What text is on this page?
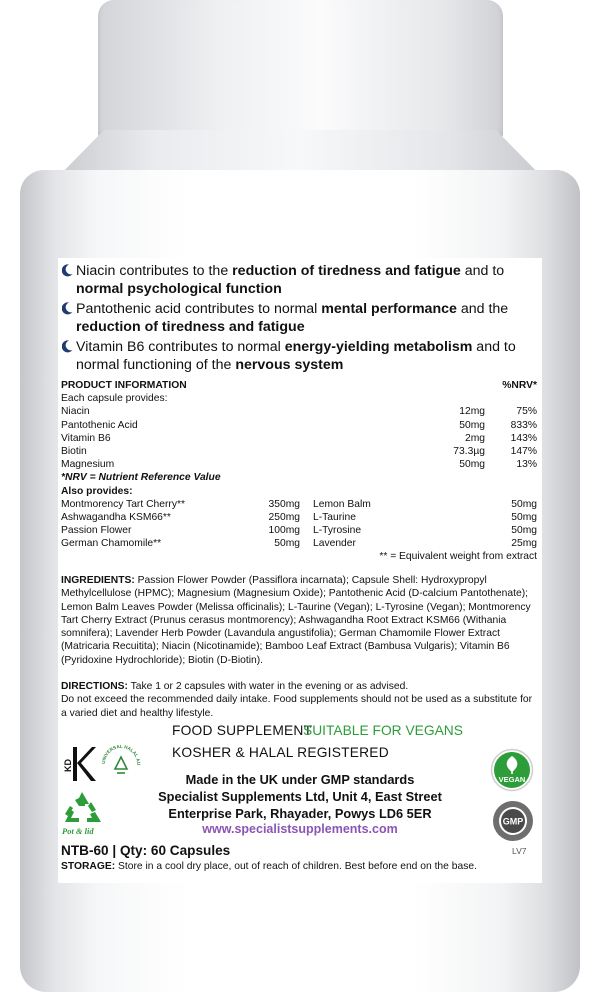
Niacin contributes to the reduction of tiredness and fatigue and to normal psychological function
Pantothenic acid contributes to normal mental performance and the reduction of tiredness and fatigue
Vitamin B6 contributes to normal energy-yielding metabolism and to normal functioning of the nervous system
PRODUCT INFORMATION	%NRV*
Each capsule provides:
Niacin	12mg	75%
Pantothenic Acid	50mg 833%
Vitamin B6	2mg 143%
Biotin	73.3µg 147%
Magnesium	50mg	13%
*NRV = Nutrient Reference Value
Also provides:
Montmorency Tart Cherry**	350mg Lemon Balm	50mg
Ashwagandha KSM66**	250mg L-Taurine	50mg
Passion Flower	100mg L-Tyrosine	50mg
German Chamomile**	50mg Lavender	25mg
** = Equivalent weight from extract
INGREDIENTS: Passion Flower Powder (Passiflora incarnata); Capsule Shell: Hydroxypropyl Methylcellulose (HPMC); Magnesium (Magnesium Oxide); Pantothenic Acid (D-calcium Pantothenate); Lemon Balm Leaves Powder (Melissa officinalis); L-Taurine (Vegan); L-Tyrosine (Vegan); Montmorency Tart Cherry Extract (Prunus cerasus montmorency); Ashwagandha Root Extract KSM66 (Withania somnifera); Lavender Herb Powder (Lavandula angustifolia); German Chamomile Flower Extract (Matricaria Recuitita); Niacin (Nicotinamide); Bamboo Leaf Extract (Bambusa Vulgaris); Vitamin B6 (Pyridoxine Hydrochloride); Biotin (D-Biotin).
DIRECTIONS: Take 1 or 2 capsules with water in the evening or as advised.
Do not exceed the recommended daily intake. Food supplements should not be used as a substitute for a varied diet and healthy lifestyle.
KD	UNIVERSAL HALAL AU
Pot & lid
FOOD SUPPLEMENT
SUITABLE FOR VEGANS
KOSHER & HALAL REGISTERED
Made in the UK under GMP standards
Specialist Supplements Ltd, Unit 4, East Street
Enterprise Park, Rhayader, Powys LD6 5ER
www.specialistsupplements.com
VEGAN
GMP
NTB-60 | Qty: 60 Capsules	LV7
STORAGE: Store in a cool dry place, out of reach of children. Best before end on the base.
